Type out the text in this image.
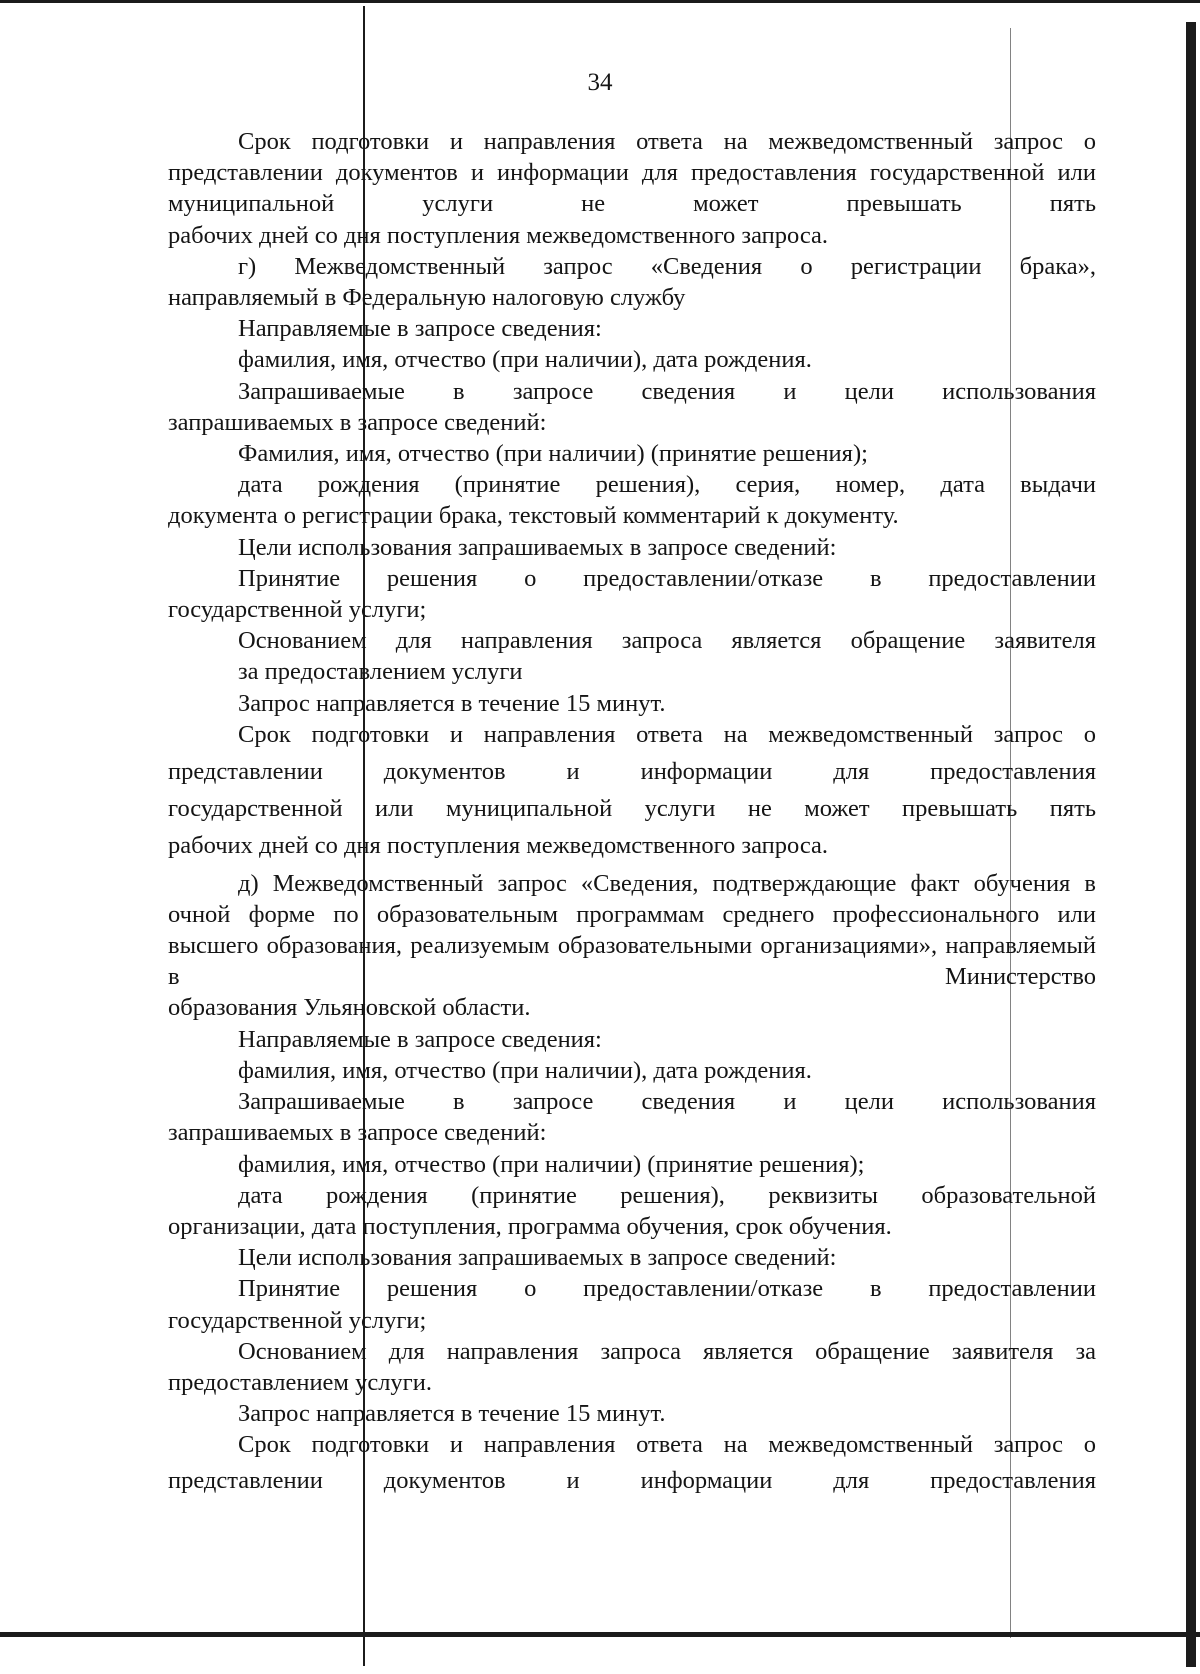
34

Срок подготовки и направления ответа на межведомственный запрос о представлении документов и информации для предоставления государственной или муниципальной услуги не может превышать пять

рабочих дней со дня поступления межведомственного запроса.

г) Межведомственный запрос «Сведения о регистрации брака»,

направляемый в Федеральную налоговую службу

Направляемые в запросе сведения:

фамилия, имя, отчество (при наличии), дата рождения.

Запрашиваемые в запросе сведения и цели использования

запрашиваемых в запросе сведений:

Фамилия, имя, отчество (при наличии) (принятие решения);

дата рождения (принятие решения), серия, номер, дата выдачи

документа о регистрации брака, текстовый комментарий к документу.

Цели использования запрашиваемых в запросе сведений:

Принятие решения о предоставлении/отказе в предоставлении

государственной услуги;

Основанием для направления запроса является обращение заявителя

за предоставлением услуги

Запрос направляется в течение 15 минут.

Срок подготовки и направления ответа на межведомственный запрос о

представлении документов и информации для предоставления

государственной или муниципальной услуги не может превышать пять

рабочих дней со дня поступления межведомственного запроса.

д) Межведомственный запрос «Сведения, подтверждающие факт обучения в очной форме по образовательным программам среднего профессионального или высшего образования, реализуемым образовательными организациями», направляемый в Министерство

образования Ульяновской области.

Направляемые в запросе сведения:

фамилия, имя, отчество (при наличии), дата рождения.

Запрашиваемые в запросе сведения и цели использования

запрашиваемых в запросе сведений:

фамилия, имя, отчество (при наличии) (принятие решения);

дата рождения (принятие решения), реквизиты образовательной

организации, дата поступления, программа обучения, срок обучения.

Цели использования запрашиваемых в запросе сведений:

Принятие решения о предоставлении/отказе в предоставлении

государственной услуги;

Основанием для направления запроса является обращение заявителя за

предоставлением услуги.

Запрос направляется в течение 15 минут.

Срок подготовки и направления ответа на межведомственный запрос о

представлении документов и информации для предоставления
